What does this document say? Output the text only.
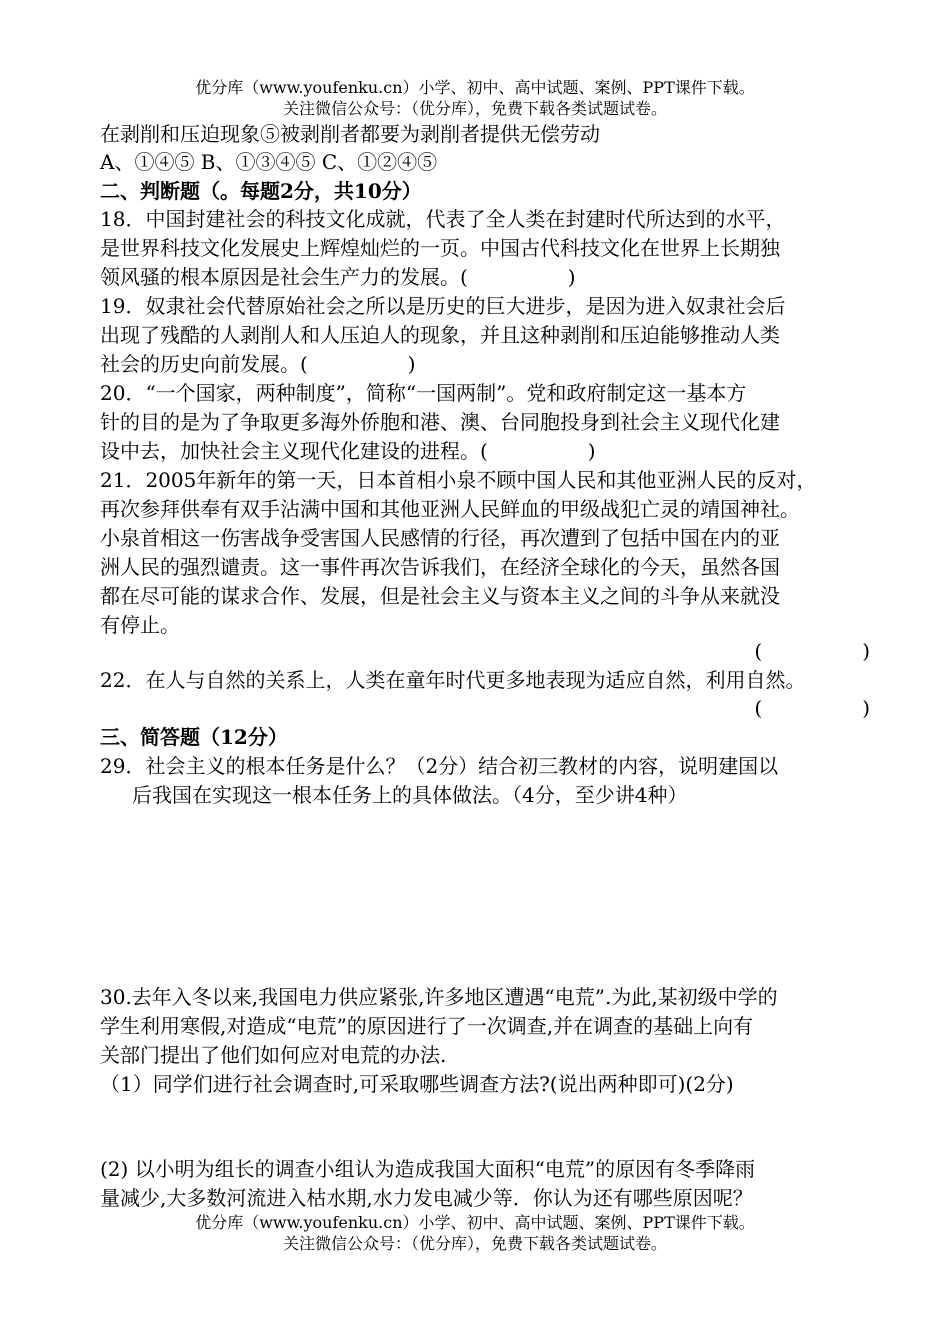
优分库（www.youfenku.cn）小学、初中、高中试题、案例、PPT课件下载。
关注微信公众号：（优分库），免费下载各类试题试卷。
在剥削和压迫现象⑤被剥削者都要为剥削者提供无偿劳动
A、①④⑤ B、①③④⑤ C、①②④⑤
二、判断题（。每题2分，共10分）
18．中国封建社会的科技文化成就，代表了全人类在封建时代所达到的水平，
是世界科技文化发展史上辉煌灿烂的一页。中国古代科技文化在世界上长期独
领风骚的根本原因是社会生产力的发展。(　　　　　)
19．奴隶社会代替原始社会之所以是历史的巨大进步，是因为进入奴隶社会后
出现了残酷的人剥削人和人压迫人的现象，并且这种剥削和压迫能够推动人类
社会的历史向前发展。(　　　　　)
20．“一个国家，两种制度”，简称“一国两制”。党和政府制定这一基本方
针的目的是为了争取更多海外侨胞和港、澳、台同胞投身到社会主义现代化建
设中去，加快社会主义现代化建设的进程。(　　　　　)
21．2005年新年的第一天，日本首相小泉不顾中国人民和其他亚洲人民的反对，
再次参拜供奉有双手沾满中国和其他亚洲人民鲜血的甲级战犯亡灵的靖国神社。
小泉首相这一伤害战争受害国人民感情的行径，再次遭到了包括中国在内的亚
洲人民的强烈谴责。这一事件再次告诉我们，在经济全球化的今天，虽然各国
都在尽可能的谋求合作、发展，但是社会主义与资本主义之间的斗争从来就没
有停止。
(　　　　　)
22．在人与自然的关系上，人类在童年时代更多地表现为适应自然，利用自然。
(　　　　　)
三、简答题（12分）
29．社会主义的根本任务是什么？（2分）结合初三教材的内容，说明建国以
后我国在实现这一根本任务上的具体做法。（4分，至少讲4种）
30.去年入冬以来,我国电力供应紧张,许多地区遭遇“电荒”.为此,某初级中学的
学生利用寒假,对造成“电荒”的原因进行了一次调查,并在调查的基础上向有
关部门提出了他们如何应对电荒的办法.
（1）同学们进行社会调查时,可采取哪些调查方法?(说出两种即可)(2分)
(2) 以小明为组长的调查小组认为造成我国大面积“电荒”的原因有冬季降雨
量减少,大多数河流进入枯水期,水力发电减少等．你认为还有哪些原因呢？
优分库（www.youfenku.cn）小学、初中、高中试题、案例、PPT课件下载。
关注微信公众号：（优分库），免费下载各类试题试卷。
